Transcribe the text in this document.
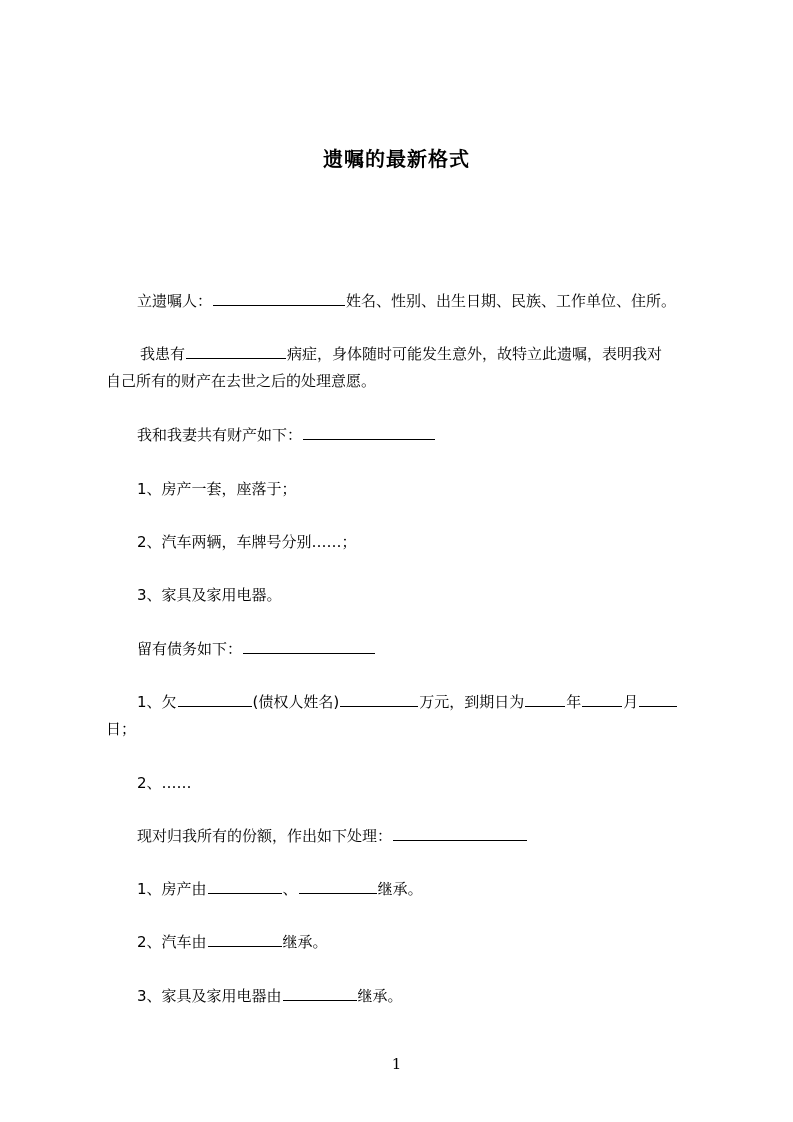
遗嘱的最新格式
立遗嘱人：	姓名、性别、出生日期、民族、工作单位、住所。
我患有	病症，身体随时可能发生意外，故特立此遗嘱，表明我对
自己所有的财产在去世之后的处理意愿。
我和我妻共有财产如下：
1、房产一套，座落于；
2、汽车两辆，车牌号分别……；
3、家具及家用电器。
留有债务如下：
1、欠	(债权人姓名)	万元，到期日为	年	月
日；
2、……
现对归我所有的份额，作出如下处理：
1、房产由	、	继承。
2、汽车由	继承。
3、家具及家用电器由	继承。
1
